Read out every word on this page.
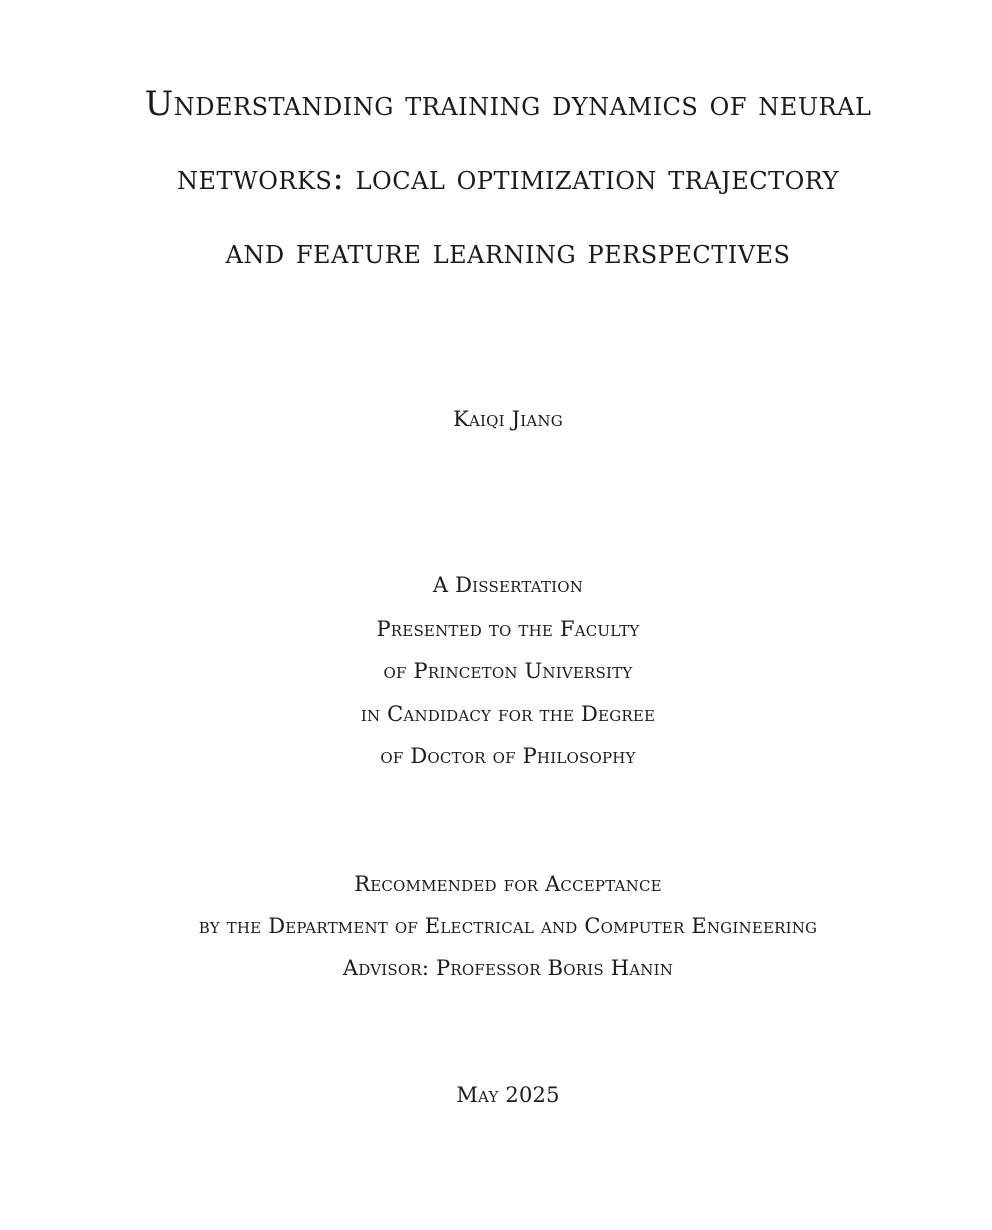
Understanding training dynamics of neural
networks: local optimization trajectory
and feature learning perspectives
Kaiqi Jiang
A Dissertation
Presented to the Faculty
of Princeton University
in Candidacy for the Degree
of Doctor of Philosophy
Recommended for Acceptance
by the Department of Electrical and Computer Engineering
Advisor: Professor Boris Hanin
May 2025
